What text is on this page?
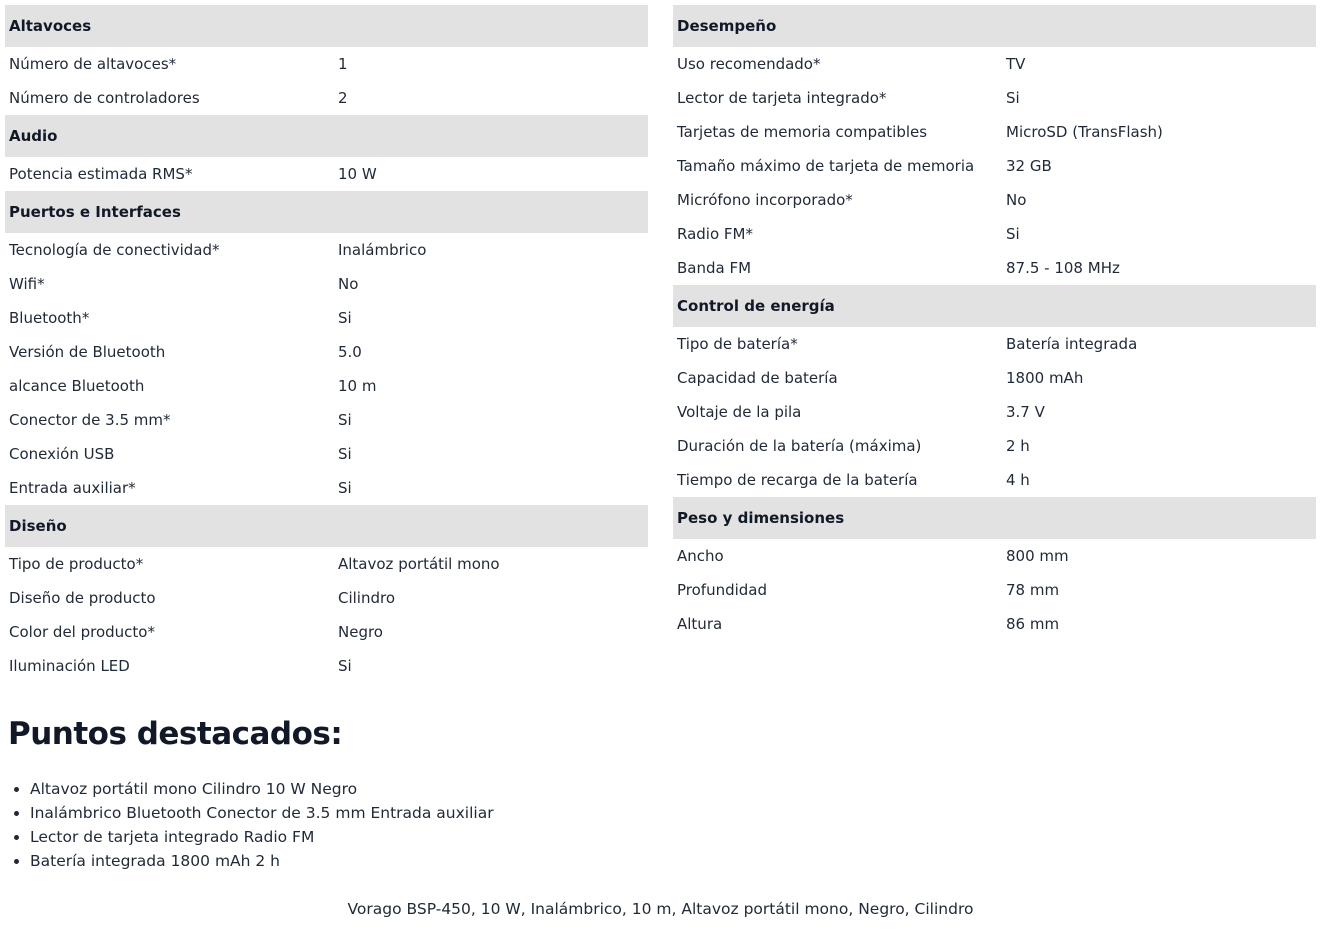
Altavoces
Número de altavoces*	1
Número de controladores	2
Audio
Potencia estimada RMS*	10 W
Puertos e Interfaces
Tecnología de conectividad*	Inalámbrico
Wifi*	No
Bluetooth*	Si
Versión de Bluetooth	5.0
alcance Bluetooth	10 m
Conector de 3.5 mm*	Si
Conexión USB	Si
Entrada auxiliar*	Si
Diseño
Tipo de producto*	Altavoz portátil mono
Diseño de producto	Cilindro
Color del producto*	Negro
Iluminación LED	Si
Desempeño
Uso recomendado*	TV
Lector de tarjeta integrado*	Si
Tarjetas de memoria compatibles	MicroSD (TransFlash)
Tamaño máximo de tarjeta de memoria	32 GB
Micrófono incorporado*	No
Radio FM*	Si
Banda FM	87.5 - 108 MHz
Control de energía
Tipo de batería*	Batería integrada
Capacidad de batería	1800 mAh
Voltaje de la pila	3.7 V
Duración de la batería (máxima)	2 h
Tiempo de recarga de la batería	4 h
Peso y dimensiones
Ancho	800 mm
Profundidad	78 mm
Altura	86 mm
Puntos destacados:
• Altavoz portátil mono Cilindro 10 W Negro
• Inalámbrico Bluetooth Conector de 3.5 mm Entrada auxiliar
• Lector de tarjeta integrado Radio FM
• Batería integrada 1800 mAh 2 h
Vorago BSP-450, 10 W, Inalámbrico, 10 m, Altavoz portátil mono, Negro, Cilindro
